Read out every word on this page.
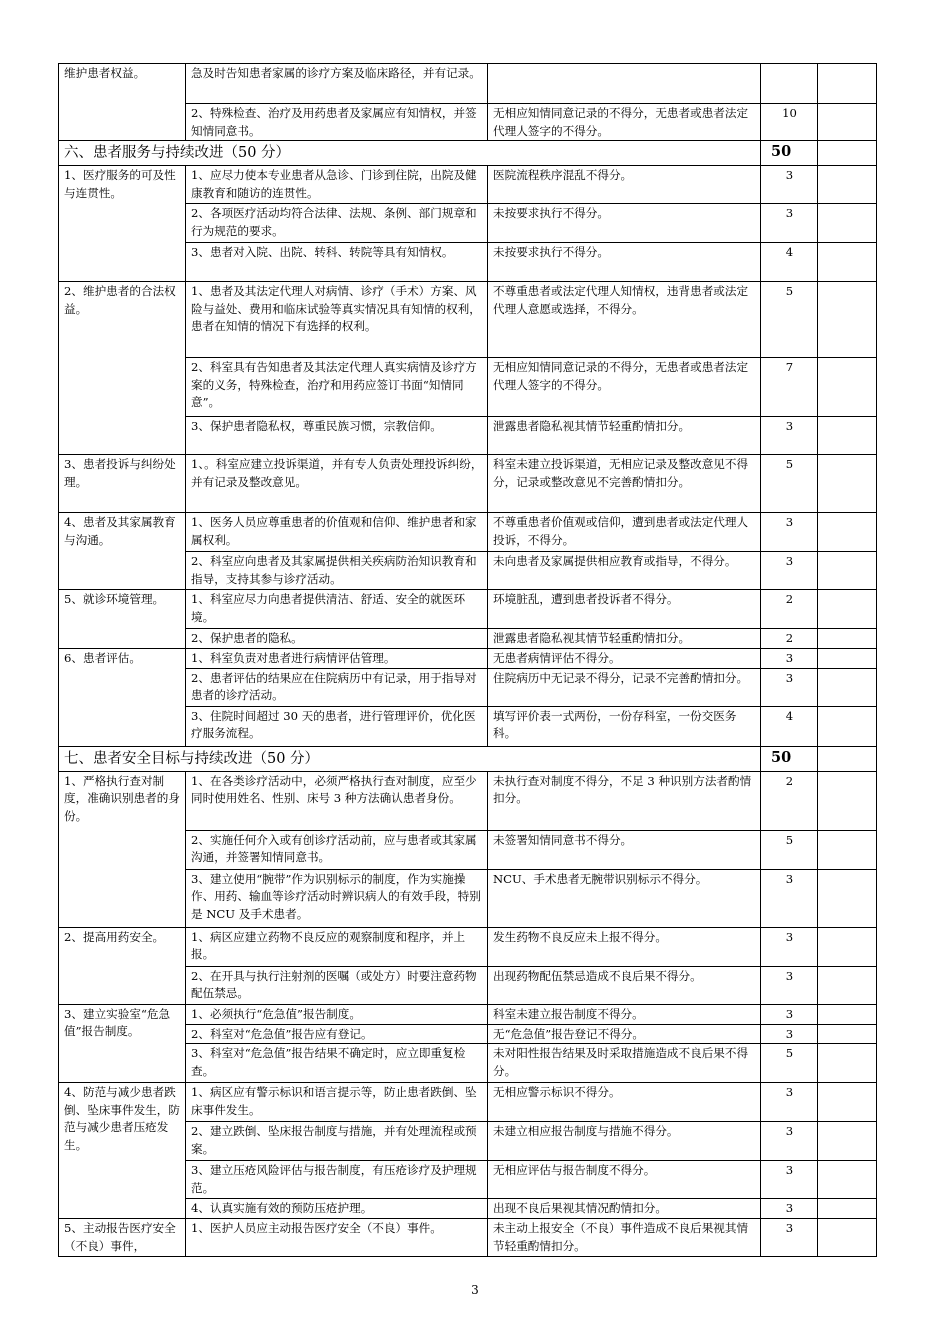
维护患者权益。	急及时告知患者家属的诊疗方案及临床路径，并有记录。			
	2、特殊检查、治疗及用药患者及家属应有知情权，并签知情同意书。	无相应知情同意记录的不得分，无患者或患者法定代理人签字的不得分。	10	
六、患者服务与持续改进（50 分）			50	
1、医疗服务的可及性与连贯性。	1、应尽力使本专业患者从急诊、门诊到住院，出院及健康教育和随访的连贯性。	医院流程秩序混乱不得分。	3	
	2、各项医疗活动均符合法律、法规、条例、部门规章和行为规范的要求。	未按要求执行不得分。	3	
	3、患者对入院、出院、转科、转院等具有知情权。	未按要求执行不得分。	4	
2、维护患者的合法权益。	1、患者及其法定代理人对病情、诊疗（手术）方案、风险与益处、费用和临床试验等真实情况具有知情的权利，患者在知情的情况下有选择的权利。	不尊重患者或法定代理人知情权，违背患者或法定代理人意愿或选择，不得分。	5	
	2、科室具有告知患者及其法定代理人真实病情及诊疗方案的义务，特殊检查，治疗和用药应签订书面“知情同意”。	无相应知情同意记录的不得分，无患者或患者法定代理人签字的不得分。	7	
	3、保护患者隐私权，尊重民族习惯，宗教信仰。	泄露患者隐私视其情节轻重酌情扣分。	3	
3、患者投诉与纠纷处理。	1、。科室应建立投诉渠道，并有专人负责处理投诉纠纷，并有记录及整改意见。	科室未建立投诉渠道，无相应记录及整改意见不得分，记录或整改意见不完善酌情扣分。	5	
4、患者及其家属教育与沟通。	1、医务人员应尊重患者的价值观和信仰、维护患者和家属权利。	不尊重患者价值观或信仰，遭到患者或法定代理人投诉，不得分。	3	
	2、科室应向患者及其家属提供相关疾病防治知识教育和指导，支持其参与诊疗活动。	未向患者及家属提供相应教育或指导，不得分。	3	
5、就诊环境管理。	1、科室应尽力向患者提供清洁、舒适、安全的就医环境。	环境脏乱，遭到患者投诉者不得分。	2	
	2、保护患者的隐私。	泄露患者隐私视其情节轻重酌情扣分。	2	
6、患者评估。	1、科室负责对患者进行病情评估管理。	无患者病情评估不得分。	3	
	2、患者评估的结果应在住院病历中有记录，用于指导对患者的诊疗活动。	住院病历中无记录不得分，记录不完善酌情扣分。	3	
	3、住院时间超过 30 天的患者，进行管理评价，优化医疗服务流程。	填写评价表一式两份，一份存科室，一份交医务科。	4	
七、患者安全目标与持续改进（50 分）			50	
1、严格执行查对制度，准确识别患者的身份。	1、在各类诊疗活动中，必须严格执行查对制度，应至少同时使用姓名、性别、床号 3 种方法确认患者身份。	未执行查对制度不得分，不足 3 种识别方法者酌情扣分。	2	
	2、实施任何介入或有创诊疗活动前，应与患者或其家属沟通，并签署知情同意书。	未签署知情同意书不得分。	5	
	3、建立使用“腕带”作为识别标示的制度，作为实施操作、用药、输血等诊疗活动时辨识病人的有效手段，特别是 NCU 及手术患者。	NCU、手术患者无腕带识别标示不得分。	3	
2、提高用药安全。	1、病区应建立药物不良反应的观察制度和程序，并上报。	发生药物不良反应未上报不得分。	3	
	2、在开具与执行注射剂的医嘱（或处方）时要注意药物配伍禁忌。	出现药物配伍禁忌造成不良后果不得分。	3	
3、建立实验室“危急值”报告制度。	1、必须执行“危急值”报告制度。	科室未建立报告制度不得分。	3	
	2、科室对“危急值”报告应有登记。	无“危急值”报告登记不得分。	3	
	3、科室对“危急值”报告结果不确定时，应立即重复检查。	未对阳性报告结果及时采取措施造成不良后果不得分。	5	
4、防范与减少患者跌倒、坠床事件发生，防范与减少患者压疮发生。	1、病区应有警示标识和语言提示等，防止患者跌倒、坠床事件发生。	无相应警示标识不得分。	3	
	2、建立跌倒、坠床报告制度与措施，并有处理流程或预案。	未建立相应报告制度与措施不得分。	3	
	3、建立压疮风险评估与报告制度，有压疮诊疗及护理规范。	无相应评估与报告制度不得分。	3	
	4、认真实施有效的预防压疮护理。	出现不良后果视其情况酌情扣分。	3	
5、主动报告医疗安全（不良）事件，	1、医护人员应主动报告医疗安全（不良）事件。	未主动上报安全（不良）事件造成不良后果视其情节轻重酌情扣分。	3	
3
